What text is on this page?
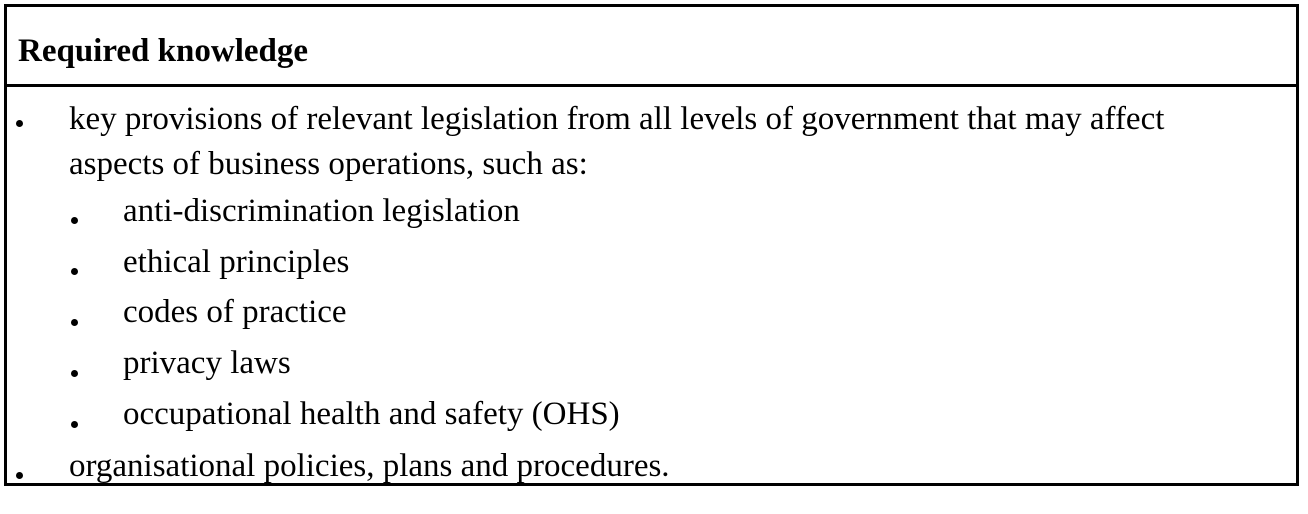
Required knowledge
key provisions of relevant legislation from all levels of government that may affect
aspects of business operations, such as:
anti-discrimination legislation
ethical principles
codes of practice
privacy laws
occupational health and safety (OHS)
organisational policies, plans and procedures.
